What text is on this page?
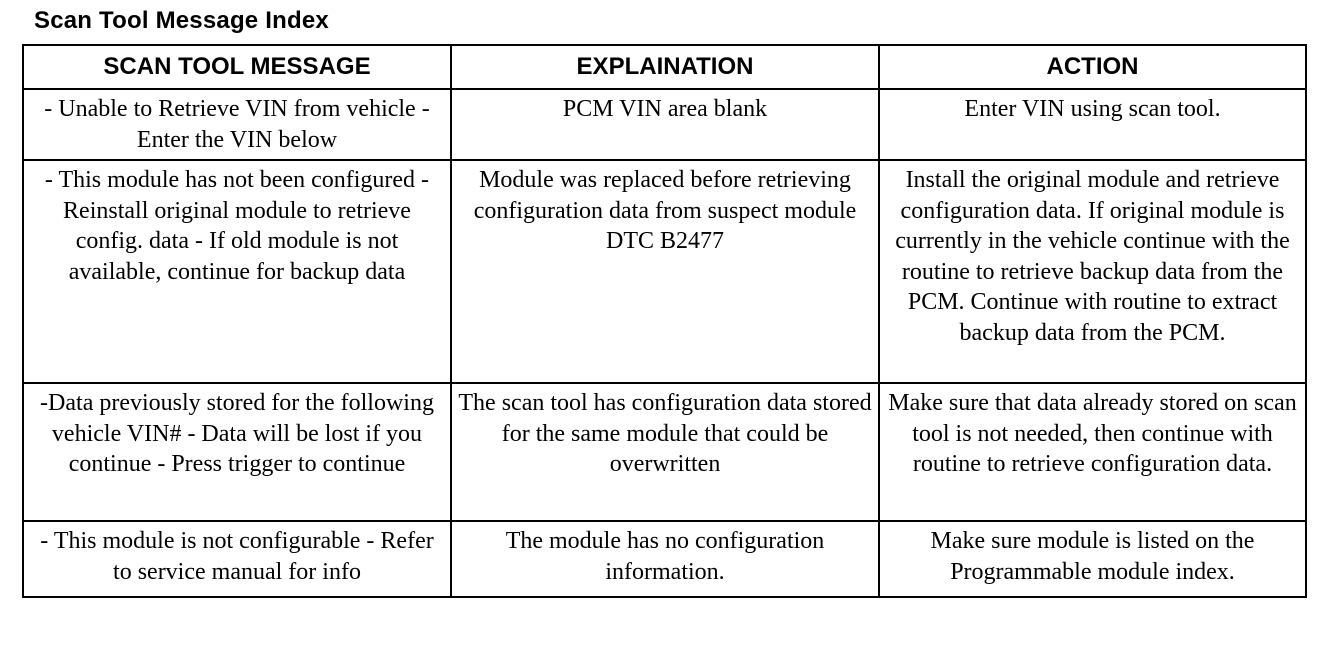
Scan Tool Message Index
SCAN TOOL MESSAGE	EXPLAINATION	ACTION
- Unable to Retrieve VIN from vehicle - Enter the VIN below	PCM VIN area blank	Enter VIN using scan tool.
- This module has not been configured - Reinstall original module to retrieve config. data - If old module is not available, continue for backup data	Module was replaced before retrieving configuration data from suspect module DTC B2477	Install the original module and retrieve configuration data. If original module is currently in the vehicle continue with the routine to retrieve backup data from the PCM. Continue with routine to extract backup data from the PCM.
-Data previously stored for the following vehicle VIN# - Data will be lost if you continue - Press trigger to continue	The scan tool has configuration data stored for the same module that could be overwritten	Make sure that data already stored on scan tool is not needed, then continue with routine to retrieve configuration data.
- This module is not configurable - Refer to service manual for info	The module has no configuration information.	Make sure module is listed on the Programmable module index.
